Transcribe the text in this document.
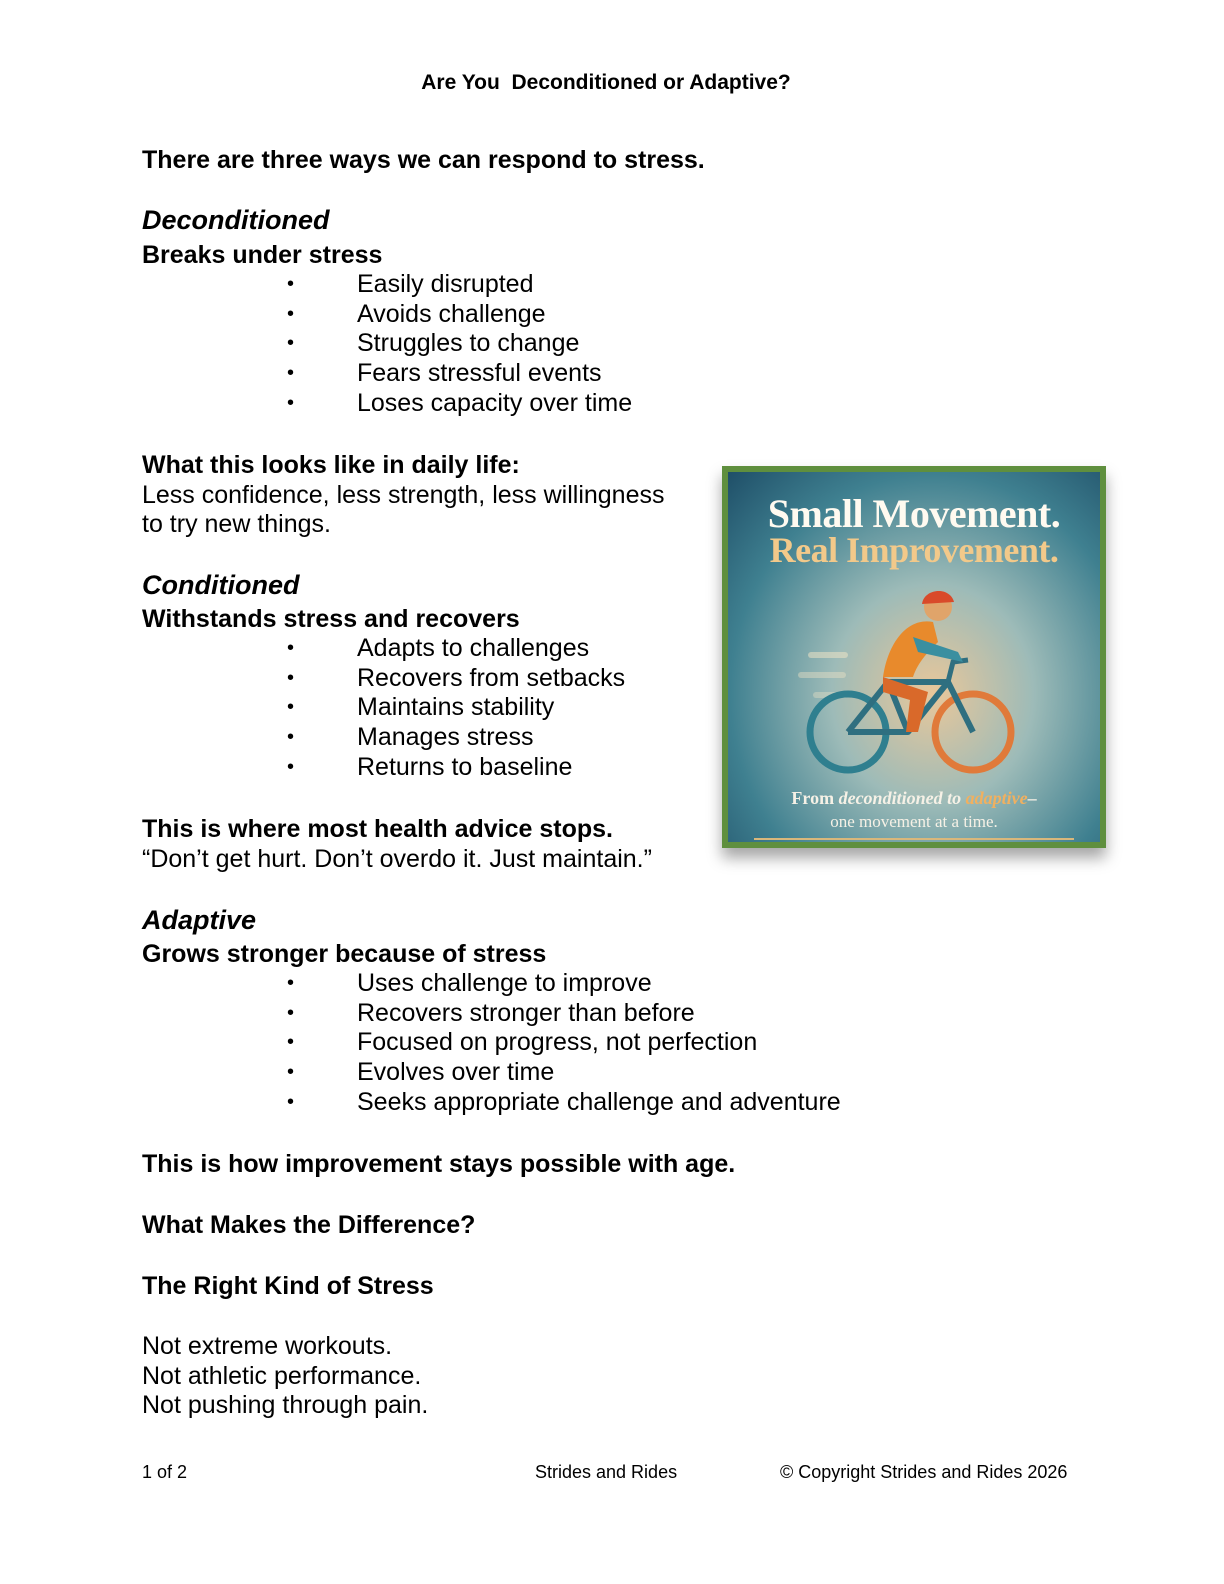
Are You  Deconditioned or Adaptive?
There are three ways we can respond to stress.
Deconditioned
Breaks under stress
•	Easily disrupted
•	Avoids challenge
•	Struggles to change
•	Fears stressful events
•	Loses capacity over time
What this looks like in daily life:
Less confidence, less strength, less willingness
to try new things.
Conditioned
Withstands stress and recovers
•	Adapts to challenges
•	Recovers from setbacks
•	Maintains stability
•	Manages stress
•	Returns to baseline
This is where most health advice stops.
“Don’t get hurt. Don’t overdo it. Just maintain.”
Adaptive
Grows stronger because of stress
•	Uses challenge to improve
•	Recovers stronger than before
•	Focused on progress, not perfection
•	Evolves over time
•	Seeks appropriate challenge and adventure
This is how improvement stays possible with age.
What Makes the Difference?
The Right Kind of Stress
Not extreme workouts.
Not athletic performance.
Not pushing through pain.
Small Movement.
Real Improvement.
From deconditioned to adaptive–
one movement at a time.
1 of 2	Strides and Rides	© Copyright Strides and Rides 2026
